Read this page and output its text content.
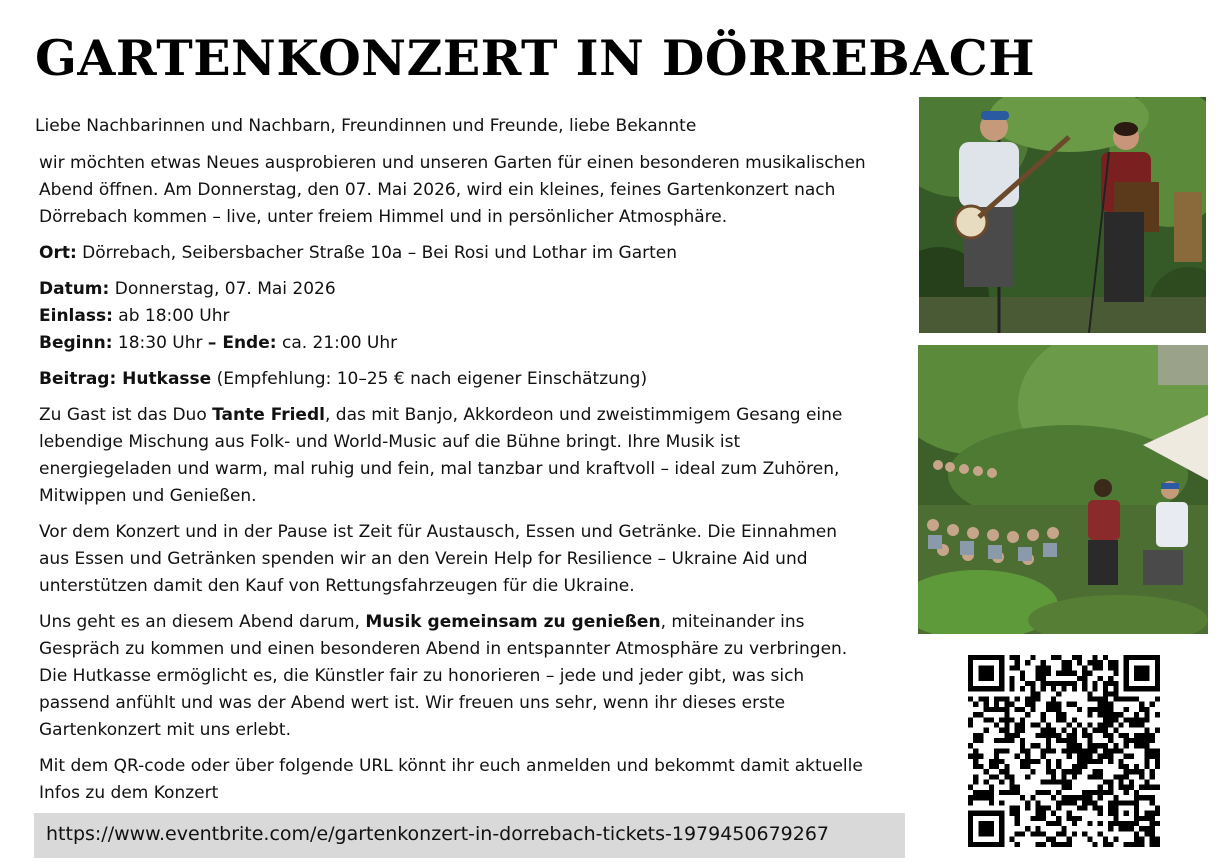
GARTENKONZERT IN DÖRREBACH
Liebe Nachbarinnen und Nachbarn, Freundinnen und Freunde, liebe Bekannte

wir möchten etwas Neues ausprobieren und unseren Garten für einen besonderen musikalischen Abend öffnen. Am Donnerstag, den 07. Mai 2026, wird ein kleines, feines Gartenkonzert nach Dörrebach kommen – live, unter freiem Himmel und in persönlicher Atmosphäre.

Ort: Dörrebach, Seibersbacher Straße 10a – Bei Rosi und Lothar im Garten

Datum: Donnerstag, 07. Mai 2026

Einlass: ab 18:00 Uhr

Beginn: 18:30 Uhr – Ende: ca. 21:00 Uhr

Beitrag: Hutkasse (Empfehlung: 10–25 € nach eigener Einschätzung)

Zu Gast ist das Duo Tante Friedl, das mit Banjo, Akkordeon und zweistimmigem Gesang eine lebendige Mischung aus Folk- und World-Music auf die Bühne bringt. Ihre Musik ist energiegeladen und warm, mal ruhig und fein, mal tanzbar und kraftvoll – ideal zum Zuhören, Mitwippen und Genießen.

Vor dem Konzert und in der Pause ist Zeit für Austausch, Essen und Getränke. Die Einnahmen aus Essen und Getränken spenden wir an den Verein Help for Resilience – Ukraine Aid und unterstützen damit den Kauf von Rettungsfahrzeugen für die Ukraine.

Uns geht es an diesem Abend darum, Musik gemeinsam zu genießen, miteinander ins Gespräch zu kommen und einen besonderen Abend in entspannter Atmosphäre zu verbringen. Die Hutkasse ermöglicht es, die Künstler fair zu honorieren – jede und jeder gibt, was sich passend anfühlt und was der Abend wert ist. Wir freuen uns sehr, wenn ihr dieses erste Gartenkonzert mit uns erlebt.

Mit dem QR-code oder über folgende URL könnt ihr euch anmelden und bekommt damit aktuelle Infos zu dem Konzert

https://www.eventbrite.com/e/gartenkonzert-in-dorrebach-tickets-1979450679267
